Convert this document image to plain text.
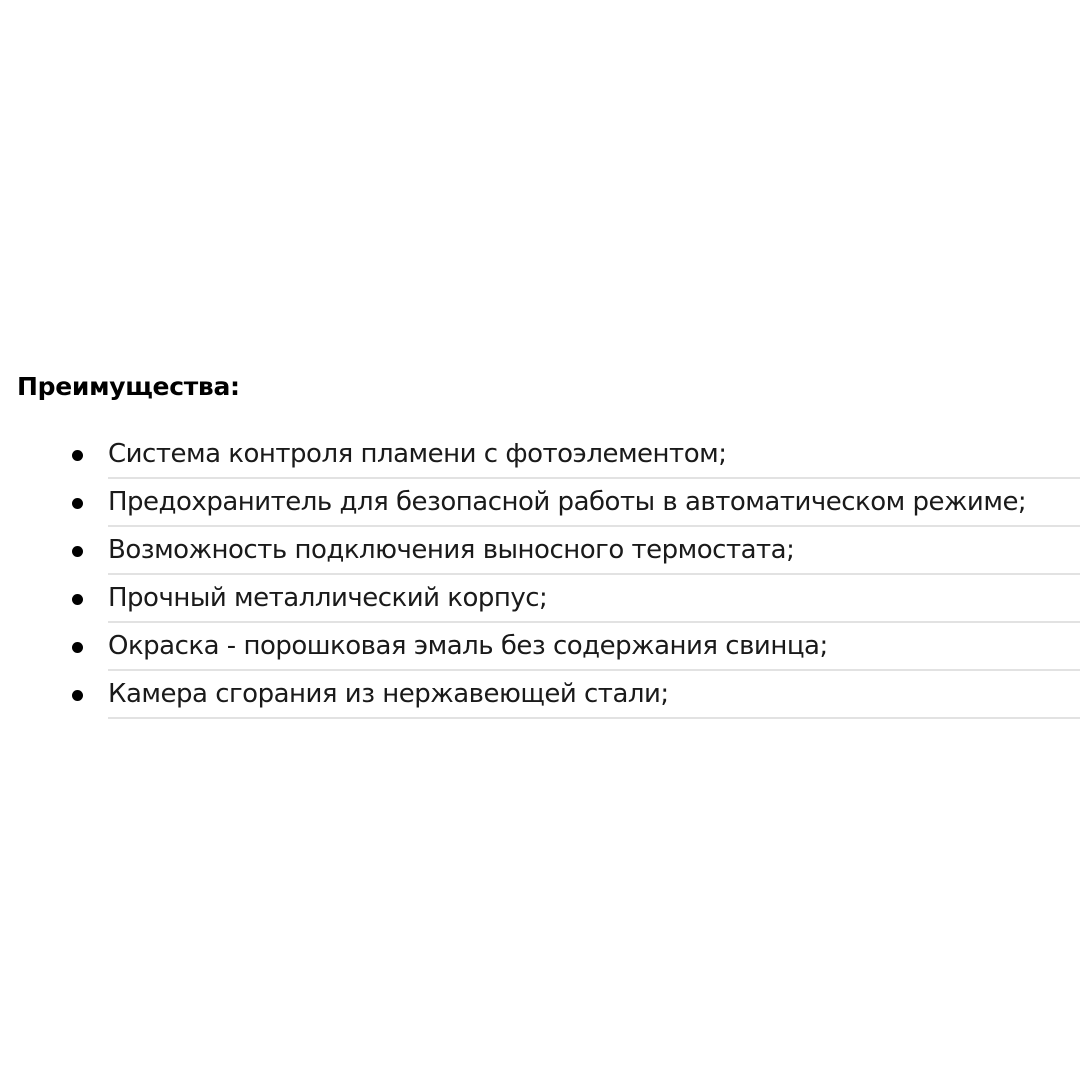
Преимущества:
Система контроля пламени с фотоэлементом;
Предохранитель для безопасной работы в автоматическом режиме;
Возможность подключения выносного термостата;
Прочный металлический корпус;
Окраска - порошковая эмаль без содержания свинца;
Камера сгорания из нержавеющей стали;
